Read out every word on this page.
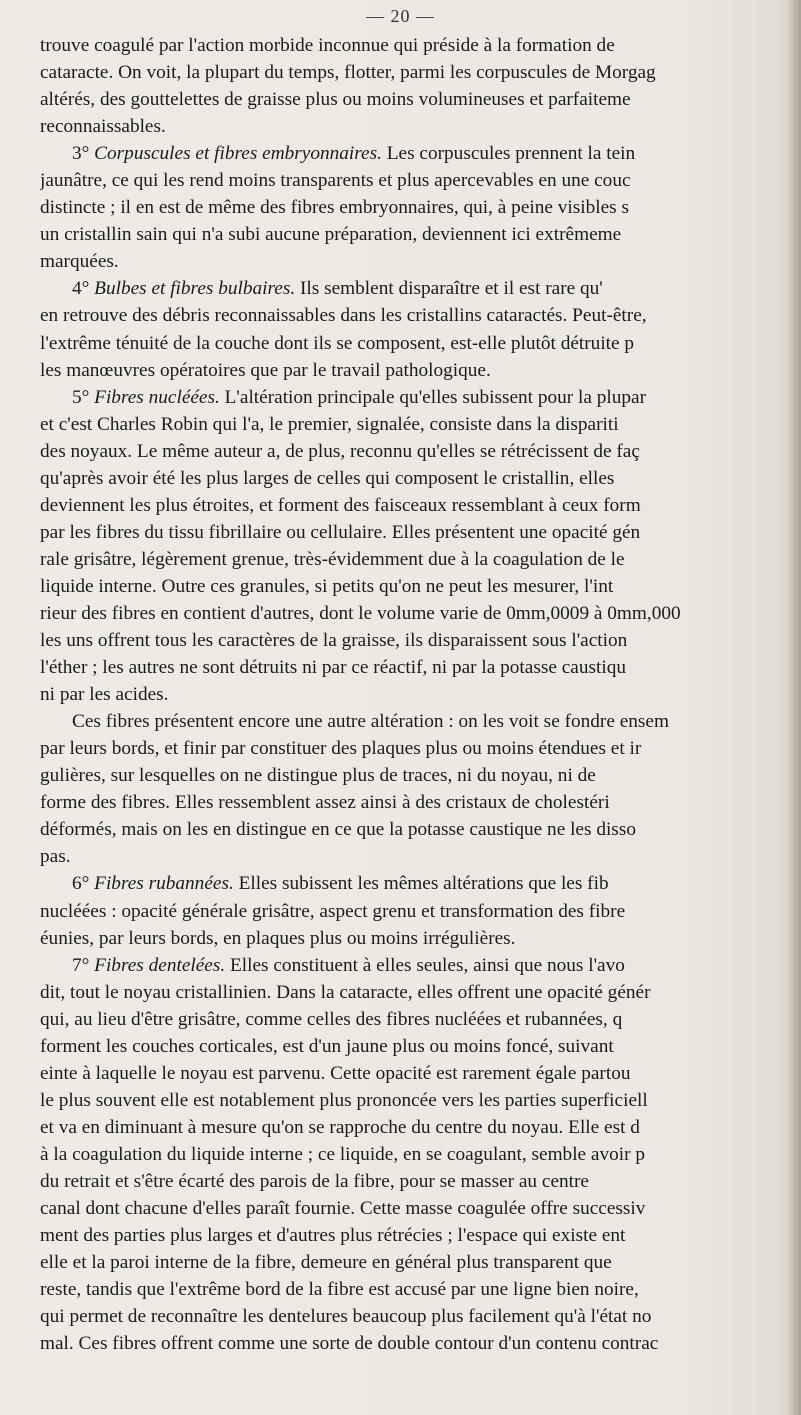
— 20 —
trouve coagulé par l'action morbide inconnue qui préside à la formation de
cataracte. On voit, la plupart du temps, flotter, parmi les corpuscules de Morgag
altérés, des gouttelettes de graisse plus ou moins volumineuses et parfaiteme
reconnaissables.
3° Corpuscules et fibres embryonnaires. Les corpuscules prennent la tein
jaunâtre, ce qui les rend moins transparents et plus apercevables en une couc
distincte ; il en est de même des fibres embryonnaires, qui, à peine visibles s
un cristallin sain qui n'a subi aucune préparation, deviennent ici extrêmeme
marquées.
4° Bulbes et fibres bulbaires. Ils semblent disparaître et il est rare qu'
en retrouve des débris reconnaissables dans les cristallins cataractés. Peut-être,
l'extrême ténuité de la couche dont ils se composent, est-elle plutôt détruite p
les manœuvres opératoires que par le travail pathologique.
5° Fibres nucléées. L'altération principale qu'elles subissent pour la plupar
et c'est Charles Robin qui l'a, le premier, signalée, consiste dans la dispariti
des noyaux. Le même auteur a, de plus, reconnu qu'elles se rétrécissent de faç
qu'après avoir été les plus larges de celles qui composent le cristallin, elles
deviennent les plus étroites, et forment des faisceaux ressemblant à ceux form
par les fibres du tissu fibrillaire ou cellulaire. Elles présentent une opacité gén
rale grisâtre, légèrement grenue, très-évidemment due à la coagulation de le
liquide interne. Outre ces granules, si petits qu'on ne peut les mesurer, l'int
rieur des fibres en contient d'autres, dont le volume varie de 0mm,0009 à 0mm,000
les uns offrent tous les caractères de la graisse, ils disparaissent sous l'action
l'éther ; les autres ne sont détruits ni par ce réactif, ni par la potasse caustiqu
ni par les acides.
Ces fibres présentent encore une autre altération : on les voit se fondre ensem
par leurs bords, et finir par constituer des plaques plus ou moins étendues et ir
gulières, sur lesquelles on ne distingue plus de traces, ni du noyau, ni de
forme des fibres. Elles ressemblent assez ainsi à des cristaux de cholestéri
déformés, mais on les en distingue en ce que la potasse caustique ne les disso
pas.
6° Fibres rubannées. Elles subissent les mêmes altérations que les fib
nucléées : opacité générale grisâtre, aspect grenu et transformation des fibre
éunies, par leurs bords, en plaques plus ou moins irrégulières.
7° Fibres dentelées. Elles constituent à elles seules, ainsi que nous l'avo
dit, tout le noyau cristallinien. Dans la cataracte, elles offrent une opacité génér
qui, au lieu d'être grisâtre, comme celles des fibres nucléées et rubannées, q
forment les couches corticales, est d'un jaune plus ou moins foncé, suivant
einte à laquelle le noyau est parvenu. Cette opacité est rarement égale partou
le plus souvent elle est notablement plus prononcée vers les parties superficiell
et va en diminuant à mesure qu'on se rapproche du centre du noyau. Elle est d
à la coagulation du liquide interne ; ce liquide, en se coagulant, semble avoir p
du retrait et s'être écarté des parois de la fibre, pour se masser au centre
canal dont chacune d'elles paraît fournie. Cette masse coagulée offre successiv
ment des parties plus larges et d'autres plus rétrécies ; l'espace qui existe ent
elle et la paroi interne de la fibre, demeure en général plus transparent que
reste, tandis que l'extrême bord de la fibre est accusé par une ligne bien noire,
qui permet de reconnaître les dentelures beaucoup plus facilement qu'à l'état no
mal. Ces fibres offrent comme une sorte de double contour d'un contenu contrac
